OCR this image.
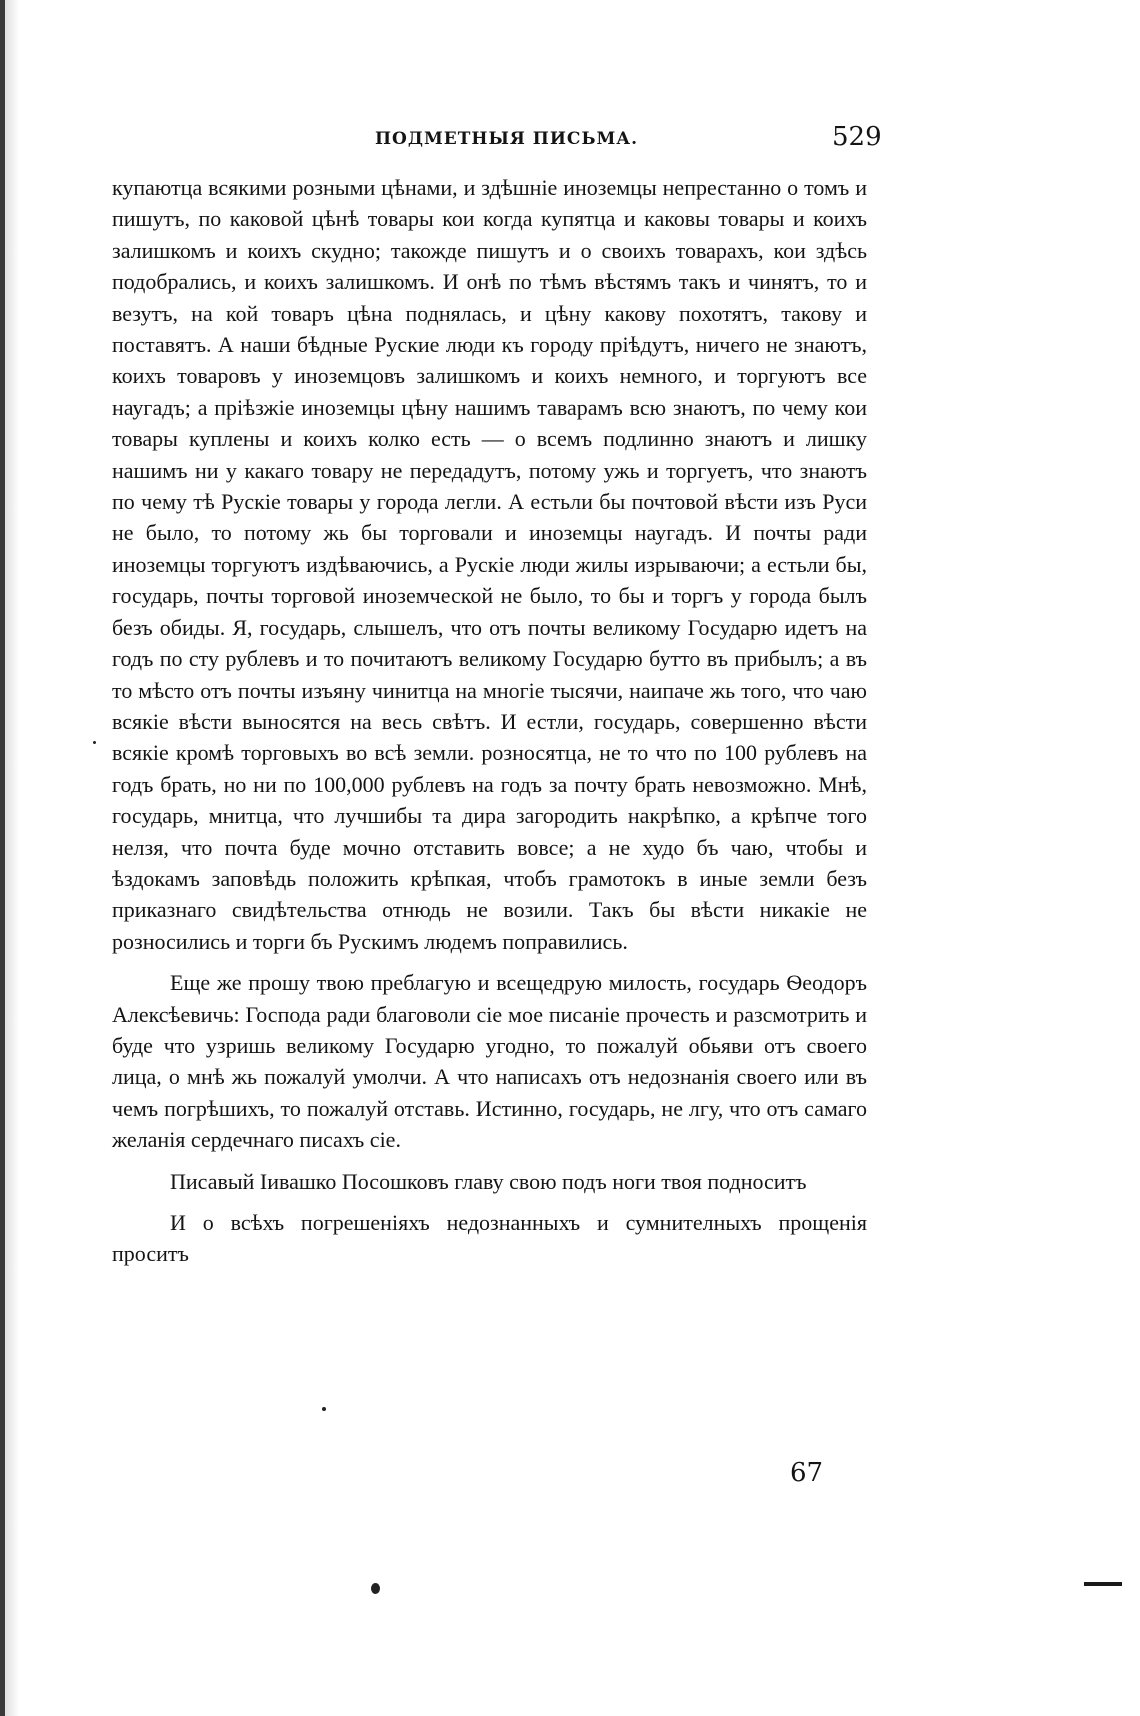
ПОДМЕТНЫЯ ПИСЬМА.	529

купаютца всякими розными цѣнами, и здѣшніе иноземцы непрестанно о томъ и пишутъ, по каковой цѣнѣ товары кои когда купятца и каковы товары и коихъ залишкомъ и коихъ скудно; такожде пишутъ и о своихъ товарахъ, кои здѣсь подобрались, и коихъ залишкомъ. И онѣ по тѣмъ вѣстямъ такъ и чинятъ, то и везутъ, на кой товаръ цѣна поднялась, и цѣну какову похотятъ, такову и поставятъ. А наши бѣдные Руские люди къ городу пріѣдутъ, ничего не знаютъ, коихъ товаровъ у иноземцовъ залишкомъ и коихъ немного, и торгуютъ все наугадъ; а пріѣзжіе иноземцы цѣну нашимъ таварамъ всю знаютъ, по чему кои товары куплены и коихъ колко есть — о всемъ подлинно знаютъ и лишку нашимъ ни у какаго товару не передадутъ, потому ужь и торгуетъ, что знаютъ по чему тѣ Рускіе товары у города легли. А естьли бы почтовой вѣсти изъ Руси не было, то потому жь бы торговали и иноземцы наугадъ. И почты ради иноземцы торгуютъ издѣваючись, а Рускіе люди жилы изрываючи; а естьли бы, государь, почты торговой иноземческой не было, то бы и торгъ у города былъ безъ обиды. Я, государь, слышелъ, что отъ почты великому Государю идетъ на годъ по сту рублевъ и то почитаютъ великому Государю бутто въ прибылъ; а въ то мѣсто отъ почты изъяну чинитца на многіе тысячи, наипаче жь того, что чаю всякіе вѣсти выносятся на весь свѣтъ. И естли, государь, совершенно вѣсти всякіе кромѣ торговыхъ во всѣ земли. розносятца, не то что по 100 рублевъ на годъ брать, но ни по 100,000 рублевъ на годъ за почту брать невозможно. Мнѣ, государь, мнитца, что лучшибы та дира загородить накрѣпко, а крѣпче того нелзя, что почта буде мочно отставить вовсе; а не худо бъ чаю, чтобы и ѣздокамъ заповѣдь положить крѣпкая, чтобъ грамотокъ в иные земли безъ приказнаго свидѣтельства отнюдь не возили. Такъ бы вѣсти никакіе не розносились и торги бъ Рускимъ людемъ поправились.

Еще же прошу твою преблагую и всещедрую милость, государь Ѳеодоръ Алексѣевичь: Господа ради благоволи сіе мое писаніе прочесть и разсмотрить и буде что узришь великому Государю угодно, то пожалуй обьяви отъ своего лица, о мнѣ жь пожалуй умолчи. А что написахъ отъ недознанія своего или въ чемъ погрѣшихъ, то пожалуй отставь. Истинно, государь, не лгу, что отъ самаго желанія сердечнаго писахъ сіе.

Писавый Іивашко Посошковъ главу свою подъ ноги твоя подноситъ

И о всѣхъ погрешеніяхъ недознанныхъ и сумнителныхъ прощенія проситъ

67
